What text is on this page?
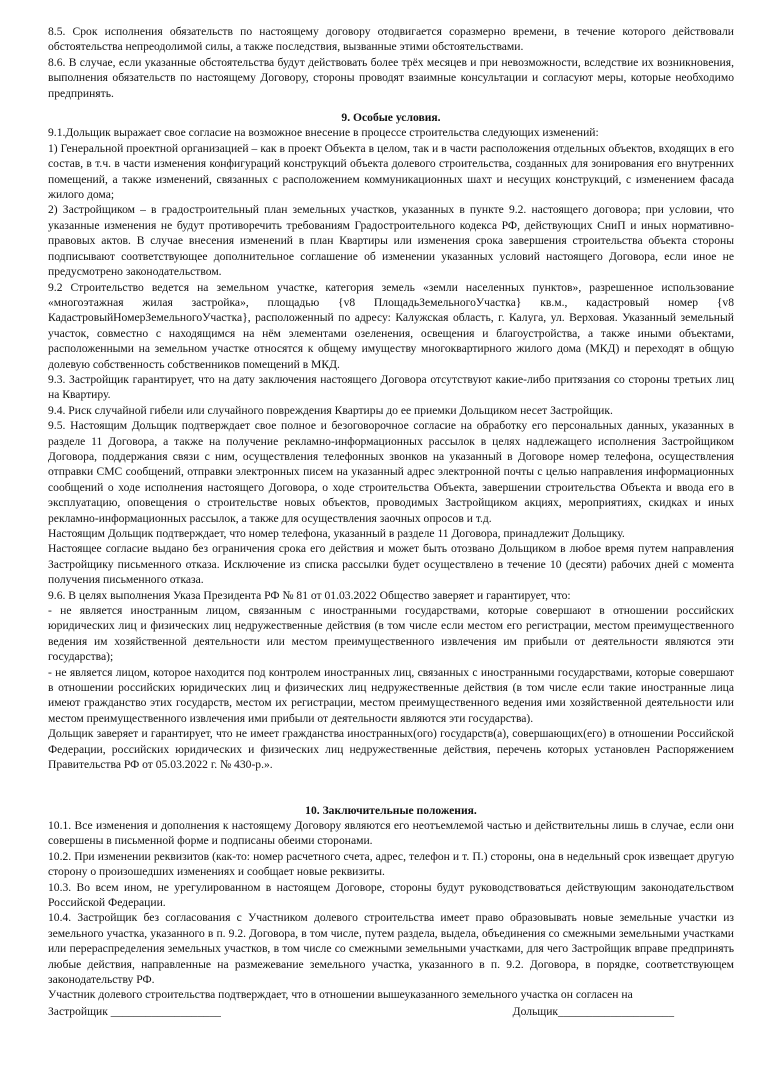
8.5. Срок исполнения обязательств по настоящему договору отодвигается соразмерно времени, в течение которого действовали обстоятельства непреодолимой силы, а также последствия, вызванные этими обстоятельствами.

8.6. В случае, если указанные обстоятельства будут действовать более трёх месяцев и при невозможности, вследствие их возникновения, выполнения обязательств по настоящему Договору, стороны проводят взаимные консультации и согласуют меры, которые необходимо предпринять.

9. Особые условия.

9.1.Дольщик выражает свое согласие на возможное внесение в процессе строительства следующих изменений:

1) Генеральной проектной организацией – как в проект Объекта в целом, так и в части расположения отдельных объектов, входящих в его состав, в т.ч. в части изменения конфигураций конструкций объекта долевого строительства, созданных для зонирования его внутренних помещений, а также изменений, связанных с расположением коммуникационных шахт и несущих конструкций, с изменением фасада жилого дома;

2) Застройщиком – в градостроительный план земельных участков, указанных в пункте 9.2. настоящего договора; при условии, что указанные изменения не будут противоречить требованиям Градостроительного кодекса РФ, действующих СниП и иных нормативно-правовых актов. В случае внесения изменений в план Квартиры или изменения срока завершения строительства объекта стороны подписывают соответствующее дополнительное соглашение об изменении указанных условий настоящего Договора, если иное не предусмотрено законодательством.

9.2 Строительство ведется на земельном участке, категория земель «земли населенных пунктов», разрешенное использование «многоэтажная жилая застройка», площадью {v8 ПлощадьЗемельногоУчастка} кв.м., кадастровый номер {v8 КадастровыйНомерЗемельногоУчастка}, расположенный по адресу: Калужская область, г. Калуга, ул. Верховая. Указанный земельный участок, совместно с находящимся на нём элементами озеленения, освещения и благоустройства, а также иными объектами, расположенными на земельном участке относятся к общему имуществу многоквартирного жилого дома (МКД) и переходят в общую долевую собственность собственников помещений в МКД.

9.3. Застройщик гарантирует, что на дату заключения настоящего Договора отсутствуют какие-либо притязания со стороны третьих лиц на Квартиру.

9.4. Риск случайной гибели или случайного повреждения Квартиры до ее приемки Дольщиком несет Застройщик.

9.5. Настоящим Дольщик подтверждает свое полное и безоговорочное согласие на обработку его персональных данных, указанных в разделе 11 Договора, а также на получение рекламно-информационных рассылок в целях надлежащего исполнения Застройщиком Договора, поддержания связи с ним, осуществления телефонных звонков на указанный в Договоре номер телефона, осуществления отправки СМС сообщений, отправки электронных писем на указанный адрес электронной почты с целью направления информационных сообщений о ходе исполнения настоящего Договора, о ходе строительства Объекта, завершении строительства Объекта и ввода его в эксплуатацию, оповещения о строительстве новых объектов, проводимых Застройщиком акциях, мероприятиях, скидках и иных рекламно-информационных рассылок, а также для осуществления заочных опросов и т.д.

Настоящим Дольщик подтверждает, что номер телефона, указанный в разделе 11 Договора, принадлежит Дольщику.

Настоящее согласие выдано без ограничения срока его действия и может быть отозвано Дольщиком в любое время путем направления Застройщику письменного отказа. Исключение из списка рассылки будет осуществлено в течение 10 (десяти) рабочих дней с момента получения письменного отказа.

9.6. В целях выполнения Указа Президента РФ № 81 от 01.03.2022 Общество заверяет и гарантирует, что:

- не является иностранным лицом, связанным с иностранными государствами, которые совершают в отношении российских юридических лиц и физических лиц недружественные действия (в том числе если местом его регистрации, местом преимущественного ведения им хозяйственной деятельности или местом преимущественного извлечения им прибыли от деятельности являются эти государства);

- не является лицом, которое находится под контролем иностранных лиц, связанных с иностранными государствами, которые совершают в отношении российских юридических лиц и физических лиц недружественные действия (в том числе если такие иностранные лица имеют гражданство этих государств, местом их регистрации, местом преимущественного ведения ими хозяйственной деятельности или местом преимущественного извлечения ими прибыли от деятельности являются эти государства).

Дольщик заверяет и гарантирует, что не имеет гражданства иностранных(ого) государств(а), совершающих(его) в отношении Российской Федерации, российских юридических и физических лиц недружественные действия, перечень которых установлен Распоряжением Правительства РФ от 05.03.2022 г. № 430-р.».

10. Заключительные положения.

10.1. Все изменения и дополнения к настоящему Договору являются его неотъемлемой частью и действительны лишь в случае, если они совершены в письменной форме и подписаны обеими сторонами.

10.2. При изменении реквизитов (как-то: номер расчетного счета, адрес, телефон и т. П.) стороны, она в недельный срок извещает другую сторону о произошедших изменениях и сообщает новые реквизиты.

10.3. Во всем ином, не урегулированном в настоящем Договоре, стороны будут руководствоваться действующим законодательством Российской Федерации.

10.4. Застройщик без согласования с Участником долевого строительства имеет право образовывать новые земельные участки из земельного участка, указанного в п. 9.2. Договора, в том числе, путем раздела, выдела, объединения со смежными земельными участками или перераспределения земельных участков, в том числе со смежными земельными участками, для чего Застройщик вправе предпринять любые действия, направленные на размежевание земельного участка, указанного в п. 9.2. Договора, в порядке, соответствующем законодательству РФ.

Участник долевого строительства подтверждает, что в отношении вышеуказанного земельного участка он согласен на

Застройщик ___________________	Дольщик____________________
